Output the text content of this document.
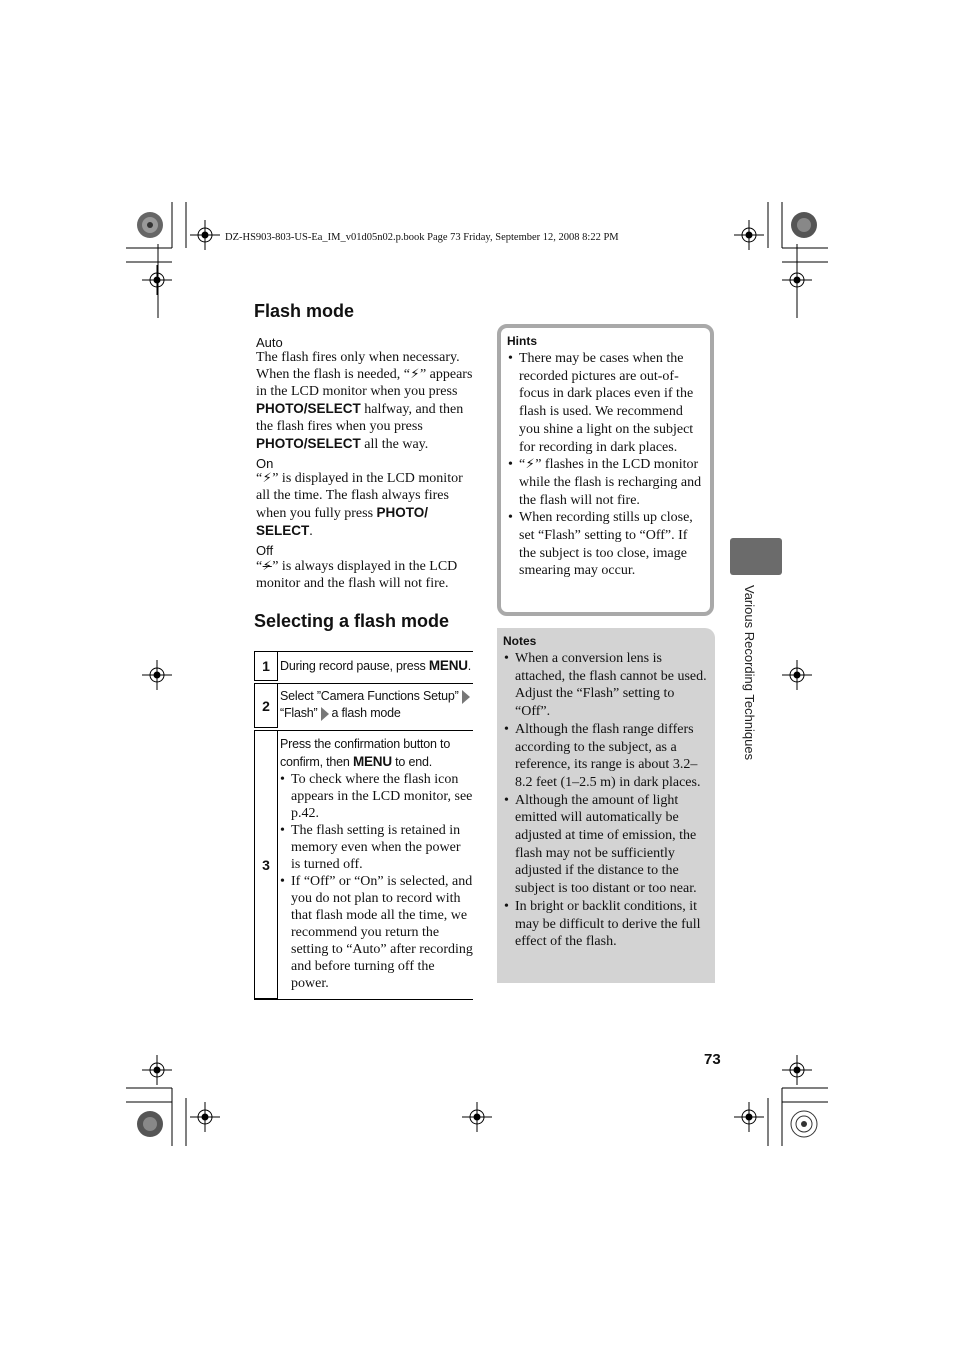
DZ-HS903-803-US-Ea_IM_v01d05n02.p.book Page 73 Friday, September 12, 2008 8:22 PM
Flash mode
Auto
The flash fires only when necessary. When the flash is needed, “⚡” appears in the LCD monitor when you press PHOTO/SELECT halfway, and then the flash fires when you press PHOTO/SELECT all the way.
On
“⚡” is displayed in the LCD monitor all the time. The flash always fires when you fully press PHOTO/ SELECT.
Off
“⚡” is always displayed in the LCD monitor and the flash will not fire.
Selecting a flash mode
1 During record pause, press MENU.
2
Select ”Camera Functions Setup”
“Flash” a flash mode
3
Press the confirmation button to confirm, then MENU to end.
• To check where the flash icon appears in the LCD monitor, see p.42.
• The flash setting is retained in memory even when the power is turned off.
• If “Off” or “On” is selected, and you do not plan to record with that flash mode all the time, we recommend you return the setting to “Auto” after recording and before turning off the power.
Hints
• There may be cases when the recorded pictures are out-of-focus in dark places even if the flash is used. We recommend you shine a light on the subject for recording in dark places.
• “⚡” flashes in the LCD monitor while the flash is recharging and the flash will not fire.
• When recording stills up close, set “Flash” setting to “Off”. If the subject is too close, image smearing may occur.
Notes
• When a conversion lens is attached, the flash cannot be used. Adjust the “Flash” setting to “Off”.
• Although the flash range differs according to the subject, as a reference, its range is about 3.2–8.2 feet (1–2.5 m) in dark places.
• Although the amount of light emitted will automatically be adjusted at time of emission, the flash may not be sufficiently adjusted if the distance to the subject is too distant or too near.
• In bright or backlit conditions, it may be difficult to derive the full effect of the flash.
Various Recording Techniques
73
